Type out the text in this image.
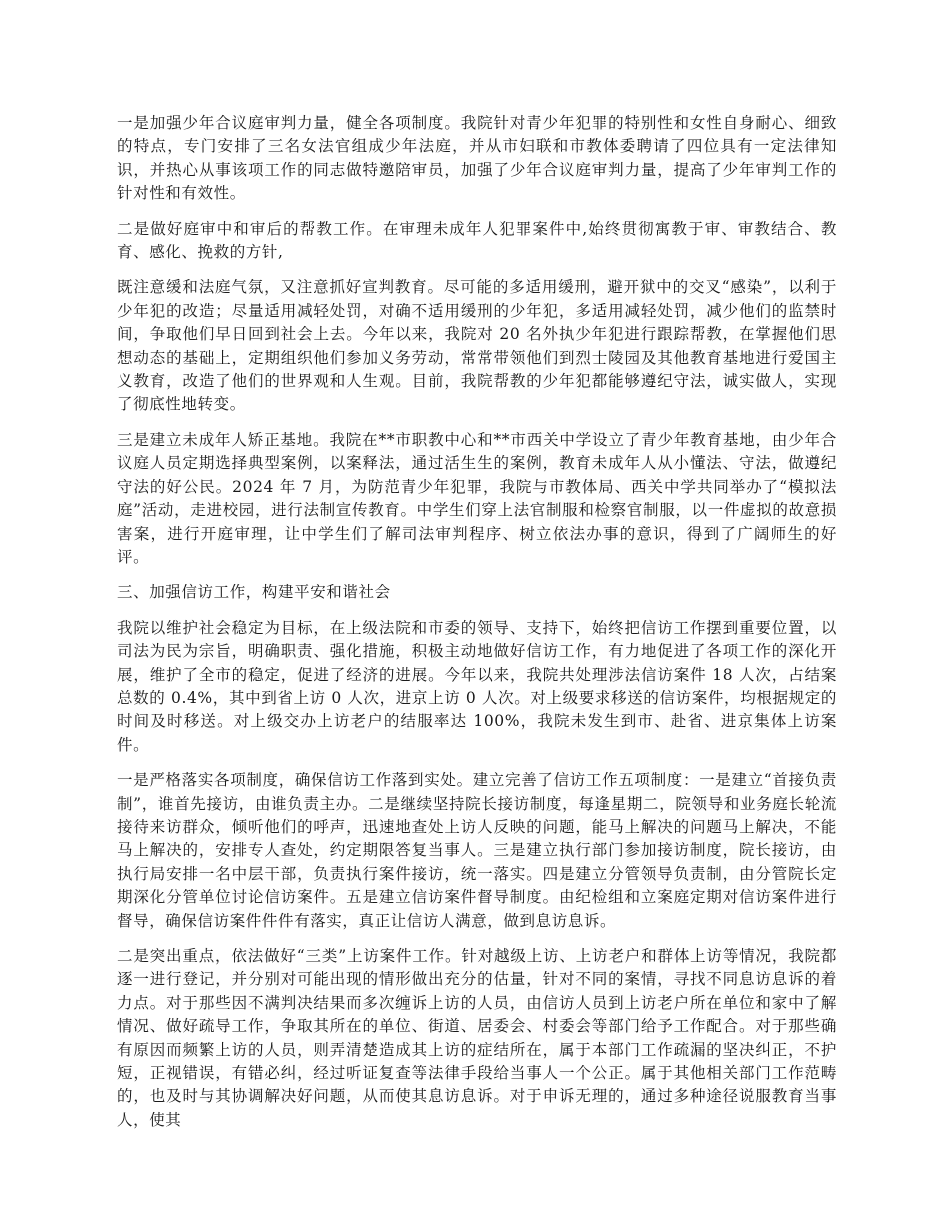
一是加强少年合议庭审判力量，健全各项制度。我院针对青少年犯罪的特别性和女性自身耐心、细致的特点，专门安排了三名女法官组成少年法庭，并从市妇联和市教体委聘请了四位具有一定法律知识，并热心从事该项工作的同志做特邀陪审员，加强了少年合议庭审判力量，提高了少年审判工作的针对性和有效性。

二是做好庭审中和审后的帮教工作。在审理未成年人犯罪案件中,始终贯彻寓教于审、审教结合、教育、感化、挽救的方针,

既注意缓和法庭气氛，又注意抓好宣判教育。尽可能的多适用缓刑，避开狱中的交叉“感染”，以利于少年犯的改造；尽量适用减轻处罚，对确不适用缓刑的少年犯，多适用减轻处罚，减少他们的监禁时间，争取他们早日回到社会上去。今年以来，我院对 20 名外执少年犯进行跟踪帮教，在掌握他们思想动态的基础上，定期组织他们参加义务劳动，常常带领他们到烈士陵园及其他教育基地进行爱国主义教育，改造了他们的世界观和人生观。目前，我院帮教的少年犯都能够遵纪守法，诚实做人，实现了彻底性地转变。

三是建立未成年人矫正基地。我院在**市职教中心和**市西关中学设立了青少年教育基地，由少年合议庭人员定期选择典型案例，以案释法，通过活生生的案例，教育未成年人从小懂法、守法，做遵纪守法的好公民。2024 年 7 月，为防范青少年犯罪，我院与市教体局、西关中学共同举办了“模拟法庭”活动，走进校园，进行法制宣传教育。中学生们穿上法官制服和检察官制服，以一件虚拟的故意损害案，进行开庭审理，让中学生们了解司法审判程序、树立依法办事的意识，得到了广阔师生的好评。

三、加强信访工作，构建平安和谐社会

我院以维护社会稳定为目标，在上级法院和市委的领导、支持下，始终把信访工作摆到重要位置，以司法为民为宗旨，明确职责、强化措施，积极主动地做好信访工作，有力地促进了各项工作的深化开展，维护了全市的稳定，促进了经济的进展。今年以来，我院共处理涉法信访案件 18 人次，占结案总数的 0.4%，其中到省上访 0 人次，进京上访 0 人次。对上级要求移送的信访案件，均根据规定的时间及时移送。对上级交办上访老户的结服率达 100%，我院未发生到市、赴省、进京集体上访案件。

一是严格落实各项制度，确保信访工作落到实处。建立完善了信访工作五项制度：一是建立“首接负责制”，谁首先接访，由谁负责主办。二是继续坚持院长接访制度，每逢星期二，院领导和业务庭长轮流接待来访群众，倾听他们的呼声，迅速地查处上访人反映的问题，能马上解决的问题马上解决，不能马上解决的，安排专人查处，约定期限答复当事人。三是建立执行部门参加接访制度，院长接访，由执行局安排一名中层干部，负责执行案件接访，统一落实。四是建立分管领导负责制，由分管院长定期深化分管单位讨论信访案件。五是建立信访案件督导制度。由纪检组和立案庭定期对信访案件进行督导，确保信访案件件件有落实，真正让信访人满意，做到息访息诉。

二是突出重点，依法做好“三类”上访案件工作。针对越级上访、上访老户和群体上访等情况，我院都逐一进行登记，并分别对可能出现的情形做出充分的估量，针对不同的案情，寻找不同息访息诉的着力点。对于那些因不满判决结果而多次缠诉上访的人员，由信访人员到上访老户所在单位和家中了解情况、做好疏导工作，争取其所在的单位、街道、居委会、村委会等部门给予工作配合。对于那些确有原因而频繁上访的人员，则弄清楚造成其上访的症结所在，属于本部门工作疏漏的坚决纠正，不护短，正视错误，有错必纠，经过听证复查等法律手段给当事人一个公正。属于其他相关部门工作范畴的，也及时与其协调解决好问题，从而使其息访息诉。对于申诉无理的，通过多种途径说服教育当事人，使其
